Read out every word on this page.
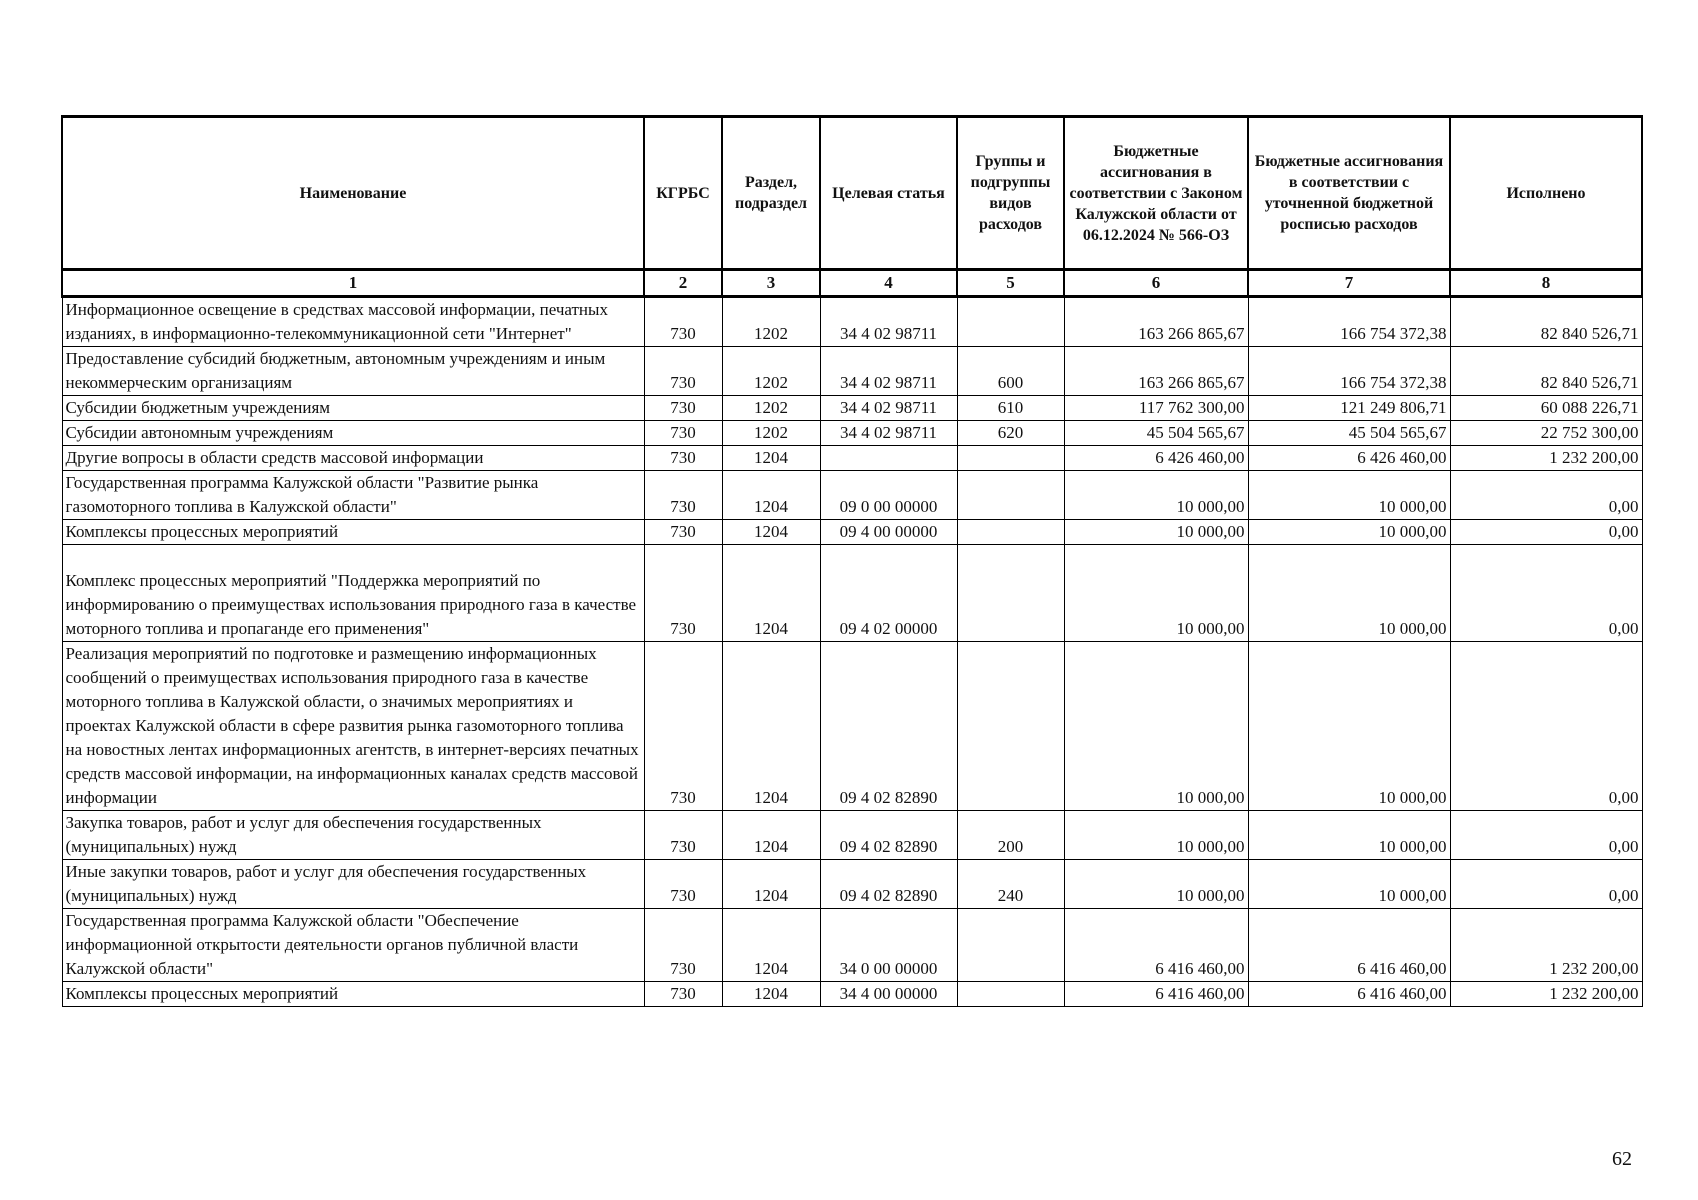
Наименование	КГРБС	Раздел, подраздел	Целевая статья	Группы и подгруппы видов расходов	Бюджетные ассигнования в соответствии с Законом Калужской области от 06.12.2024 № 566-ОЗ	Бюджетные ассигнования в соответствии с уточненной бюджетной росписью расходов	Исполнено
1	2	3	4	5	6	7	8
Информационное освещение в средствах массовой информации, печатных изданиях, в информационно-телекоммуникационной сети "Интернет"	730	1202	34 4 02 98711		163 266 865,67	166 754 372,38	82 840 526,71
Предоставление субсидий бюджетным, автономным учреждениям и иным некоммерческим организациям	730	1202	34 4 02 98711	600	163 266 865,67	166 754 372,38	82 840 526,71
Субсидии бюджетным учреждениям	730	1202	34 4 02 98711	610	117 762 300,00	121 249 806,71	60 088 226,71
Субсидии автономным учреждениям	730	1202	34 4 02 98711	620	45 504 565,67	45 504 565,67	22 752 300,00
Другие вопросы в области средств массовой информации	730	1204			6 426 460,00	6 426 460,00	1 232 200,00
Государственная программа Калужской области "Развитие рынка газомоторного топлива в Калужской области"	730	1204	09 0 00 00000		10 000,00	10 000,00	0,00
Комплексы процессных мероприятий	730	1204	09 4 00 00000		10 000,00	10 000,00	0,00
Комплекс процессных мероприятий "Поддержка мероприятий по информированию о преимуществах использования природного газа в качестве моторного топлива и пропаганде его применения"	730	1204	09 4 02 00000		10 000,00	10 000,00	0,00
Реализация мероприятий по подготовке и размещению информационных сообщений о преимуществах использования природного газа в качестве моторного топлива в Калужской области, о значимых мероприятиях и проектах Калужской области в сфере развития рынка газомоторного топлива на новостных лентах информационных агентств, в интернет-версиях печатных средств массовой информации, на информационных каналах средств массовой информации	730	1204	09 4 02 82890		10 000,00	10 000,00	0,00
Закупка товаров, работ и услуг для обеспечения государственных (муниципальных) нужд	730	1204	09 4 02 82890	200	10 000,00	10 000,00	0,00
Иные закупки товаров, работ и услуг для обеспечения государственных (муниципальных) нужд	730	1204	09 4 02 82890	240	10 000,00	10 000,00	0,00
Государственная программа Калужской области "Обеспечение информационной открытости деятельности органов публичной власти Калужской области"	730	1204	34 0 00 00000		6 416 460,00	6 416 460,00	1 232 200,00
Комплексы процессных мероприятий	730	1204	34 4 00 00000		6 416 460,00	6 416 460,00	1 232 200,00
62
